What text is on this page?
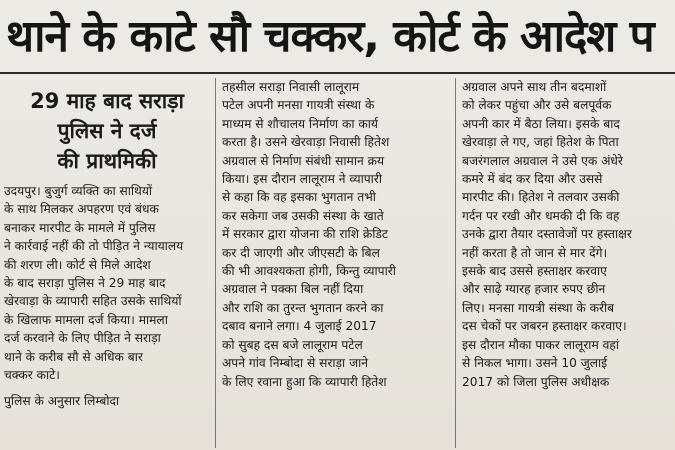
थाने के काटे सौ चक्कर, कोर्ट के आदेश प
29 माह बाद सराड़ा
पुलिस ने दर्ज
की प्राथमिकी
उदयपुर। बुजुर्ग व्यक्ति का साथियों
के साथ मिलकर अपहरण एवं बंधक
बनाकर मारपीट के मामले में पुलिस
ने कार्रवाई नहीं की तो पीड़ित ने न्यायालय
की शरण ली। कोर्ट से मिले आदेश
के बाद सराड़ा पुलिस ने 29 माह बाद
खेरवाड़ा के व्यापारी सहित उसके साथियों
के खिलाफ मामला दर्ज किया। मामला
दर्ज करवाने के लिए पीड़ित ने सराड़ा
थाने के करीब सौ से अधिक बार
चक्कर काटे।
पुलिस के अनुसार लिम्बोदा
तहसील सराड़ा निवासी लालूराम
पटेल अपनी मनसा गायत्री संस्था के
माध्यम से शौचालय निर्माण का कार्य
करता है। उसने खेरवाड़ा निवासी हितेश
अग्रवाल से निर्माण संबंधी सामान क्रय
किया। इस दौरान लालूराम ने व्यापारी
से कहा कि वह इसका भुगतान तभी
कर सकेगा जब उसकी संस्था के खाते
में सरकार द्वारा योजना की राशि क्रेडिट
कर दी जाएगी और जीएसटी के बिल
की भी आवश्यकता होगी, किन्तु व्यापारी
अग्रवाल ने पक्का बिल नहीं दिया
और राशि का तुरन्त भुगतान करने का
दबाव बनाने लगा। 4 जुलाई 2017
को सुबह दस बजे लालूराम पटेल
अपने गांव निम्बोदा से सराड़ा जाने
के लिए रवाना हुआ कि व्यापारी हितेश
अग्रवाल अपने साथ तीन बदमाशों
को लेकर पहुंचा और उसे बलपूर्वक
अपनी कार में बैठा लिया। इसके बाद
खेरवाड़ा ले गए, जहां हितेश के पिता
बजरंगलाल अग्रवाल ने उसे एक अंधेरे
कमरे में बंद कर दिया और उससे
मारपीट की। हितेश ने तलवार उसकी
गर्दन पर रखी और धमकी दी कि वह
उनके द्वारा तैयार दस्तावेजों पर हस्ताक्षर
नहीं करता है तो जान से मार देंगे।
इसके बाद उससे हस्ताक्षर करवाए
और साढ़े ग्यारह हजार रुपए छीन
लिए। मनसा गायत्री संस्था के करीब
दस चेकों पर जबरन हस्ताक्षर करवाए।
इस दौरान मौका पाकर लालूराम वहां
से निकल भागा। उसने 10 जुलाई
2017 को जिला पुलिस अधीक्षक
